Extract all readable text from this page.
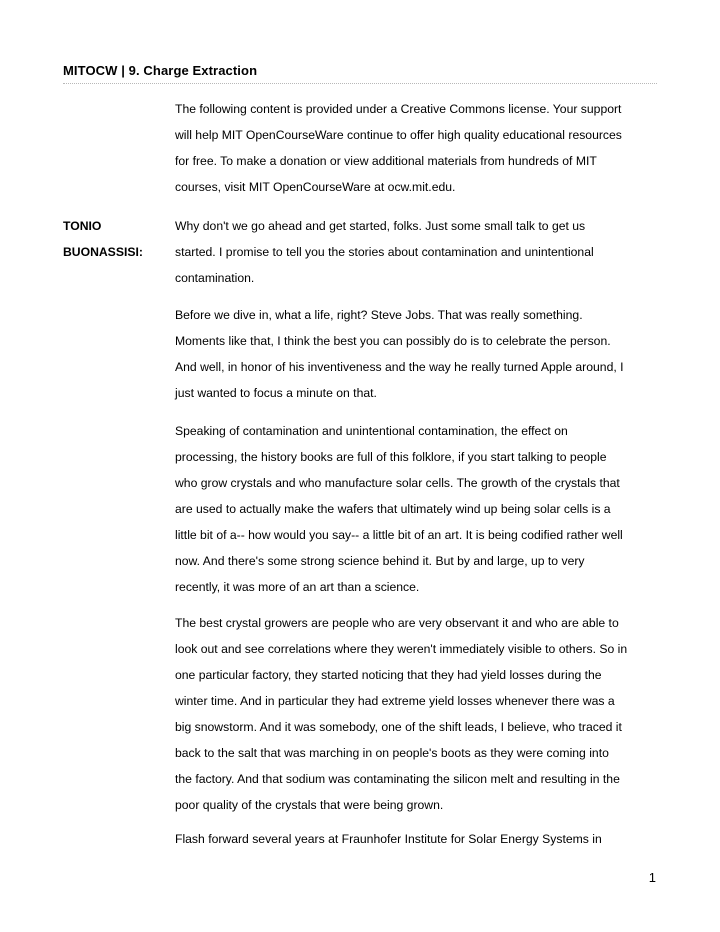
MITOCW | 9. Charge Extraction
The following content is provided under a Creative Commons license. Your support
will help MIT OpenCourseWare continue to offer high quality educational resources
for free. To make a donation or view additional materials from hundreds of MIT
courses, visit MIT OpenCourseWare at ocw.mit.edu.
TONIO
BUONASSISI:
Why don't we go ahead and get started, folks. Just some small talk to get us
started. I promise to tell you the stories about contamination and unintentional
contamination.
Before we dive in, what a life, right? Steve Jobs. That was really something.
Moments like that, I think the best you can possibly do is to celebrate the person.
And well, in honor of his inventiveness and the way he really turned Apple around, I
just wanted to focus a minute on that.
Speaking of contamination and unintentional contamination, the effect on
processing, the history books are full of this folklore, if you start talking to people
who grow crystals and who manufacture solar cells. The growth of the crystals that
are used to actually make the wafers that ultimately wind up being solar cells is a
little bit of a-- how would you say-- a little bit of an art. It is being codified rather well
now. And there's some strong science behind it. But by and large, up to very
recently, it was more of an art than a science.
The best crystal growers are people who are very observant it and who are able to
look out and see correlations where they weren't immediately visible to others. So in
one particular factory, they started noticing that they had yield losses during the
winter time. And in particular they had extreme yield losses whenever there was a
big snowstorm. And it was somebody, one of the shift leads, I believe, who traced it
back to the salt that was marching in on people's boots as they were coming into
the factory. And that sodium was contaminating the silicon melt and resulting in the
poor quality of the crystals that were being grown.
Flash forward several years at Fraunhofer Institute for Solar Energy Systems in
1
